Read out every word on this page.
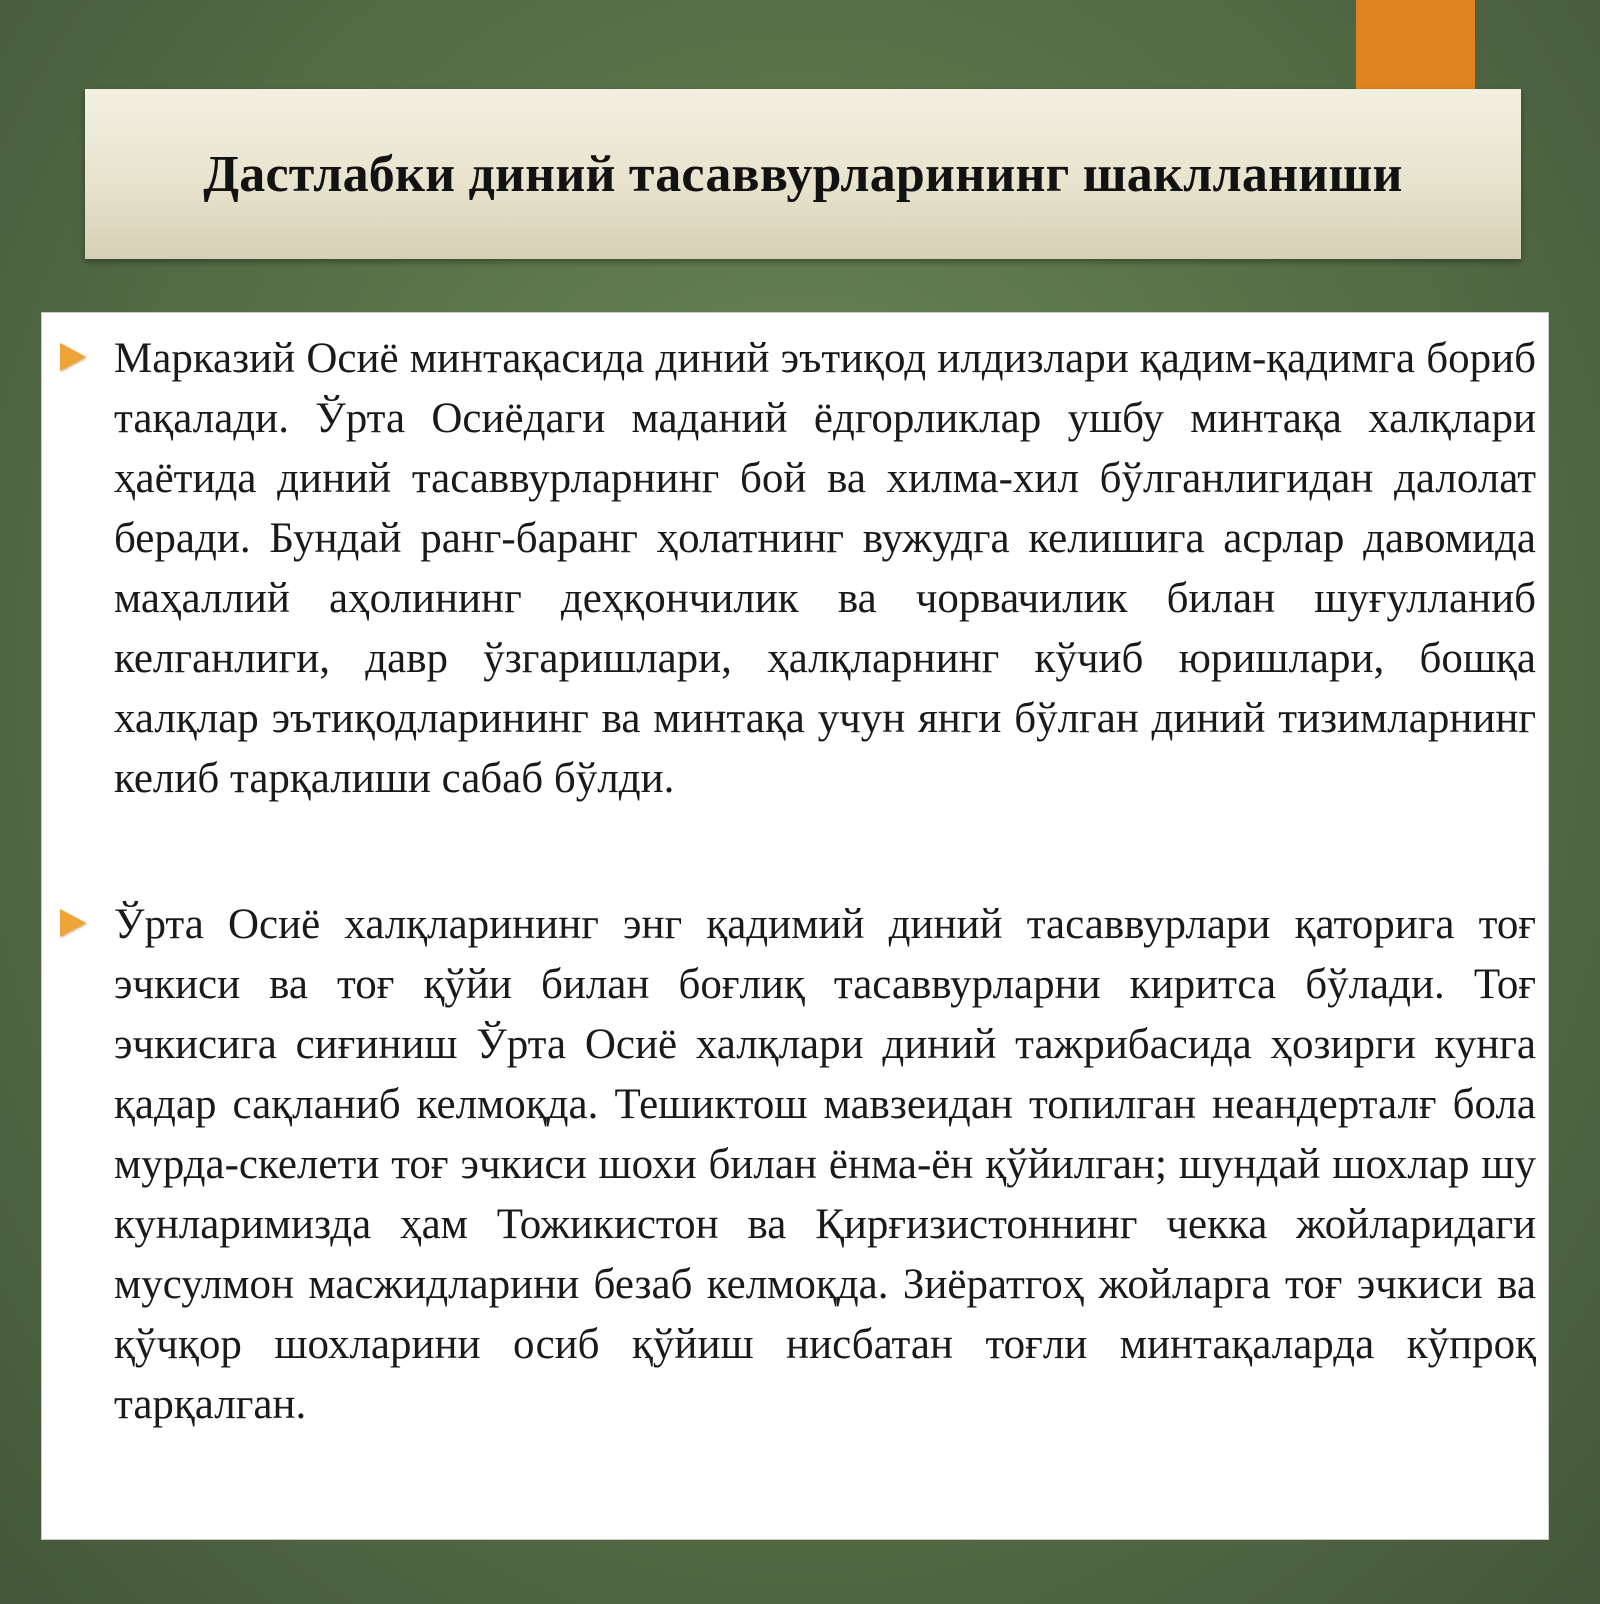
Дастлабки диний тасаввурларининг шаклланиши

Марказий Осиё минтақасида диний эътиқод илдизлари қадим-қадимга бориб тақалади. Ўрта Осиёдаги маданий ёдгорликлар ушбу минтақа халқлари ҳаётида диний тасаввурларнинг бой ва хилма-хил бўлганлигидан далолат беради. Бундай ранг-баранг ҳолатнинг вужудга келишига асрлар давомида маҳаллий аҳолининг деҳқончилик ва чорвачилик билан шуғулланиб келганлиги, давр ўзгаришлари, ҳалқларнинг кўчиб юришлари, бошқа халқлар эътиқодларининг ва минтақа учун янги бўлган диний тизимларнинг келиб тарқалиши сабаб бўлди.

Ўрта Осиё халқларининг энг қадимий диний тасаввурлари қаторига тоғ эчкиси ва тоғ қўйи билан боғлиқ тасаввурларни киритса бўлади. Тоғ эчкисига сиғиниш Ўрта Осиё халқлари диний тажрибасида ҳозирги кунга қадар сақланиб келмоқда. Тешиктош мавзеидан топилган неандерталғ бола мурда-скелети тоғ эчкиси шохи билан ёнма-ён қўйилган; шундай шохлар шу кунларимизда ҳам Тожикистон ва Қирғизистоннинг чекка жойларидаги мусулмон масжидларини безаб келмоқда. Зиёратгоҳ жойларга тоғ эчкиси ва қўчқор шохларини осиб қўйиш нисбатан тоғли минтақаларда кўпроқ тарқалган.
